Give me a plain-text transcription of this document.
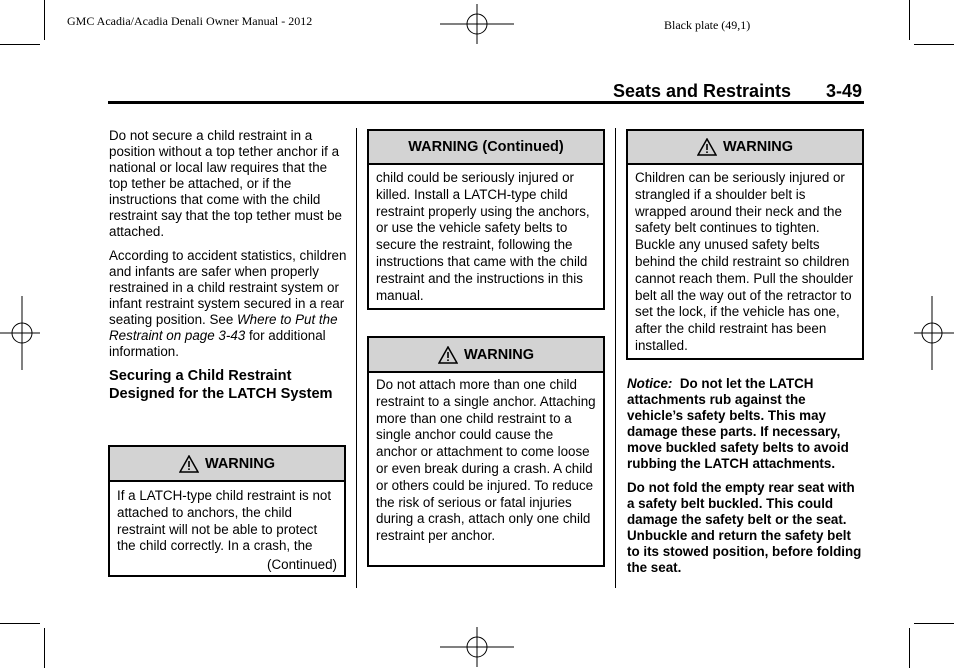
GMC Acadia/Acadia Denali Owner Manual - 2012	Black plate (49,1)
Seats and Restraints 3-49

Do not secure a child restraint in a position without a top tether anchor if a national or local law requires that the top tether be attached, or if the instructions that come with the child restraint say that the top tether must be attached.

According to accident statistics, children and infants are safer when properly restrained in a child restraint system or infant restraint system secured in a rear seating position. See Where to Put the Restraint on page 3-43 for additional information.

Securing a Child Restraint Designed for the LATCH System
WARNING
If a LATCH-type child restraint is not attached to anchors, the child restraint will not be able to protect the child correctly. In a crash, the
(Continued)
WARNING (Continued)
child could be seriously injured or killed. Install a LATCH-type child restraint properly using the anchors, or use the vehicle safety belts to secure the restraint, following the instructions that came with the child restraint and the instructions in this manual.
WARNING
Do not attach more than one child restraint to a single anchor. Attaching more than one child restraint to a single anchor could cause the anchor or attachment to come loose or even break during a crash. A child or others could be injured. To reduce the risk of serious or fatal injuries during a crash, attach only one child restraint per anchor.
WARNING
Children can be seriously injured or strangled if a shoulder belt is wrapped around their neck and the safety belt continues to tighten. Buckle any unused safety belts behind the child restraint so children cannot reach them. Pull the shoulder belt all the way out of the retractor to set the lock, if the vehicle has one, after the child restraint has been installed.

Notice: Do not let the LATCH attachments rub against the vehicle’s safety belts. This may damage these parts. If necessary, move buckled safety belts to avoid rubbing the LATCH attachments.

Do not fold the empty rear seat with a safety belt buckled. This could damage the safety belt or the seat. Unbuckle and return the safety belt to its stowed position, before folding the seat.
